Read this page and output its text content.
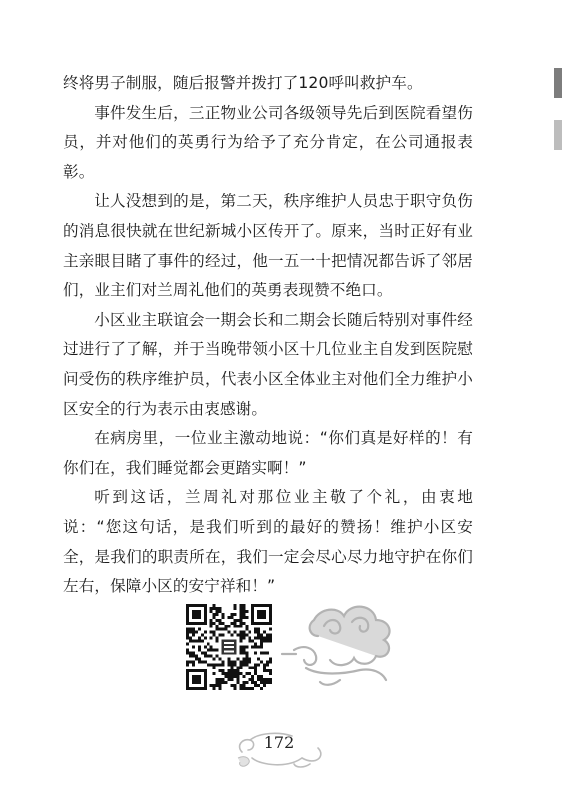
终将男子制服，随后报警并拨打了120呼叫救护车。

事件发生后，三正物业公司各级领导先后到医院看望伤员，并对他们的英勇行为给予了充分肯定，在公司通报表彰。

让人没想到的是，第二天，秩序维护人员忠于职守负伤的消息很快就在世纪新城小区传开了。原来，当时正好有业主亲眼目睹了事件的经过，他一五一十把情况都告诉了邻居们，业主们对兰周礼他们的英勇表现赞不绝口。

小区业主联谊会一期会长和二期会长随后特别对事件经过进行了了解，并于当晚带领小区十几位业主自发到医院慰问受伤的秩序维护员，代表小区全体业主对他们全力维护小区安全的行为表示由衷感谢。

在病房里，一位业主激动地说：“你们真是好样的！有你们在，我们睡觉都会更踏实啊！”

听到这话，兰周礼对那位业主敬了个礼，由衷地说：“您这句话，是我们听到的最好的赞扬！维护小区安全，是我们的职责所在，我们一定会尽心尽力地守护在你们左右，保障小区的安宁祥和！”

172
